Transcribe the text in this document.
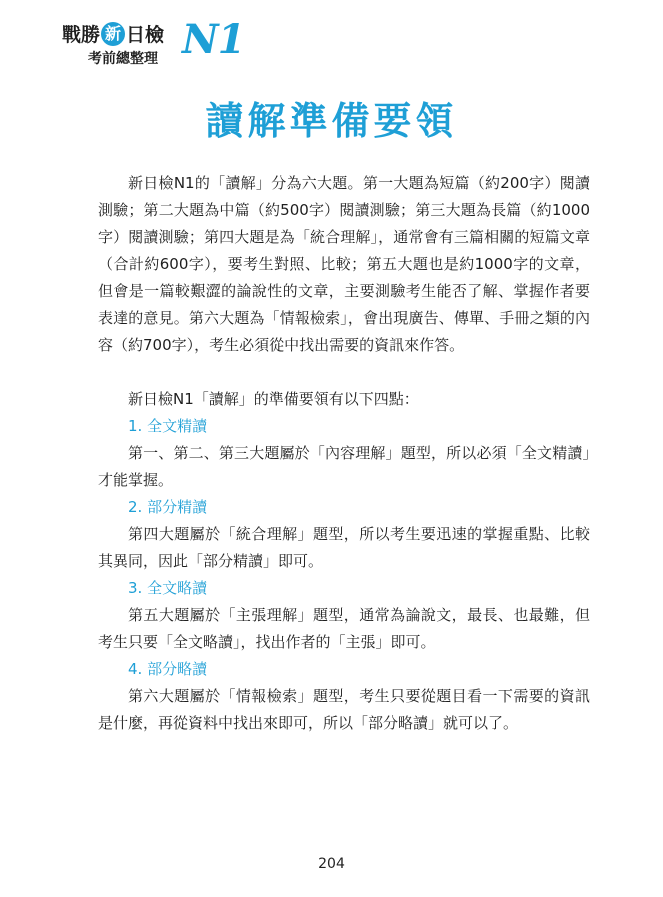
戰勝 新 日檢
考前總整理 N1
讀解準備要領

新日檢N1的「讀解」分為六大題。第一大題為短篇（約200字）閱讀測驗；第二大題為中篇（約500字）閱讀測驗；第三大題為長篇（約1000字）閱讀測驗；第四大題是為「統合理解」，通常會有三篇相關的短篇文章（合計約600字），要考生對照、比較；第五大題也是約1000字的文章，但會是一篇較艱澀的論說性的文章，主要測驗考生能否了解、掌握作者要表達的意見。第六大題為「情報檢索」，會出現廣告、傳單、手冊之類的內容（約700字），考生必須從中找出需要的資訊來作答。

新日檢N1「讀解」的準備要領有以下四點：

1. 全文精讀

第一、第二、第三大題屬於「內容理解」題型，所以必須「全文精讀」才能掌握。

2. 部分精讀

第四大題屬於「統合理解」題型，所以考生要迅速的掌握重點、比較其異同，因此「部分精讀」即可。

3. 全文略讀

第五大題屬於「主張理解」題型，通常為論說文，最長、也最難，但考生只要「全文略讀」，找出作者的「主張」即可。

4. 部分略讀

第六大題屬於「情報檢索」題型，考生只要從題目看一下需要的資訊是什麼，再從資料中找出來即可，所以「部分略讀」就可以了。

204
